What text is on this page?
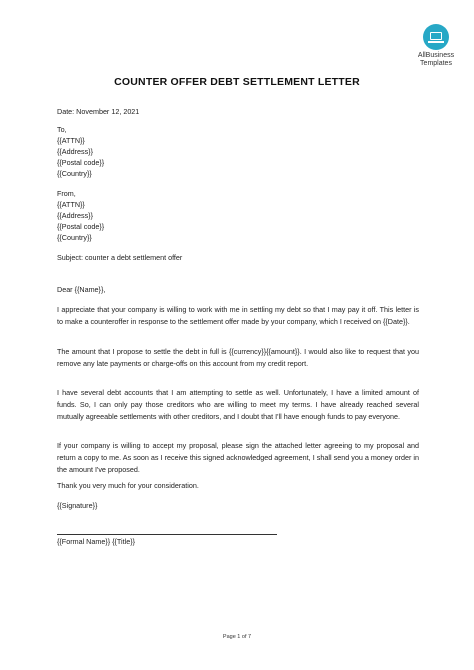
AllBusiness
Templates
COUNTER OFFER DEBT SETTLEMENT LETTER
Date: November 12, 2021
To,
{{ATTN}}
{{Address}}
{{Postal code}}
{{Country}}
From,
{{ATTN}}
{{Address}}
{{Postal code}}
{{Country}}
Subject: counter a debt settlement offer
Dear {{Name}},
I appreciate that your company is willing to work with me in settling my debt so that I may pay it off. This letter is to make a counteroffer in response to the settlement offer made by your company, which I received on {{Date}}.
The amount that I propose to settle the debt in full is {{currency}}{{amount}}. I would also like to request that you remove any late payments or charge-offs on this account from my credit report.
I have several debt accounts that I am attempting to settle as well. Unfortunately, I have a limited amount of funds. So, I can only pay those creditors who are willing to meet my terms. I have already reached several mutually agreeable settlements with other creditors, and I doubt that I'll have enough funds to pay everyone.
If your company is willing to accept my proposal, please sign the attached letter agreeing to my proposal and return a copy to me. As soon as I receive this signed acknowledged agreement, I shall send you a money order in the amount I've proposed.
Thank you very much for your consideration.
{{Signature}}
{{Formal Name}} {{Title}}
Page 1 of 7
